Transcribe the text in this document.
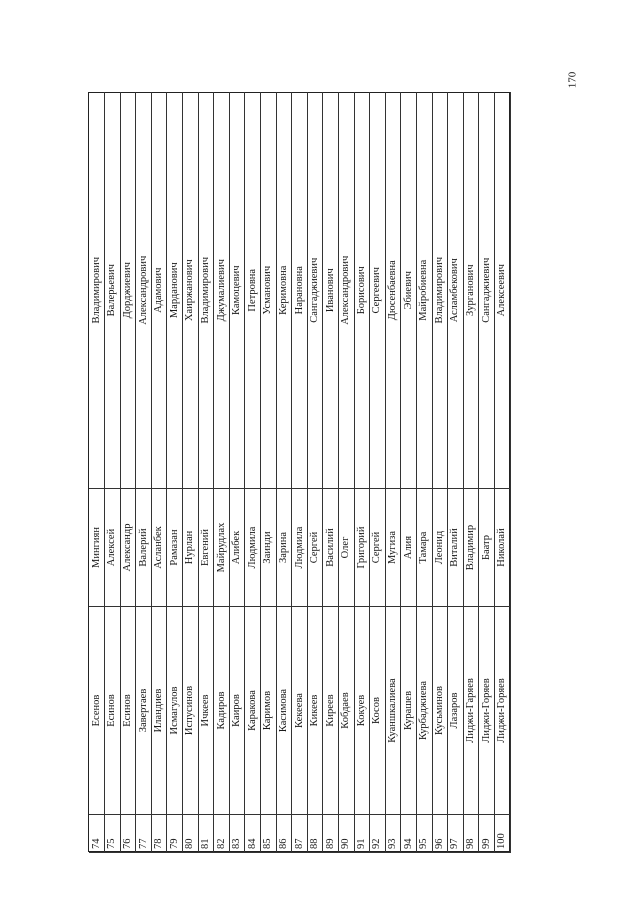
170
74	Есенов	Мингиян	Владимирович
75	Есинов	Алексей	Валерьевич
76	Есинов	Александр	Дорджиевич
77	Завертаев	Валерий	Александрович
78	Иландиев	Асланбек	Адамович
79	Исмагулов	Рамазан	Марданович
80	Испусинов	Нурлан	Хаиржанович
81	Ичкеев	Евгений	Владимирович
82	Кадиров	Майрудлах	Джумалиевич
83	Каиров	Алибек	Камоцевич
84	Каракова	Людмила	Петровна
85	Каримов	Заинди	Усманович
86	Касимова	Зарина	Керимовна
87	Кекеева	Людмила	Нарановна
88	Кикеев	Сергей	Сангаджиевич
89	Киреев	Василий	Иванович
90	Кобдаев	Олег	Александрович
91	Кокуев	Григорий	Борисович
92	Косов	Сергей	Сергеевич
93	Куаншкалиева	Мугиза	Дюсенбаевна
94	Курашев	Алия	Эбиевич
95	Курбаджиева	Тамара	Майробиевна
96	Кусьминов	Леонид	Владимирович
97	Лазаров	Виталий	Асламбекович
98	Лиджи-Гаряев	Владимир	Зурганович
99	Лиджи-Горяев	Баатр	Сангаджиевич
100	Лиджи-Горяев	Николай	Алексеевич
